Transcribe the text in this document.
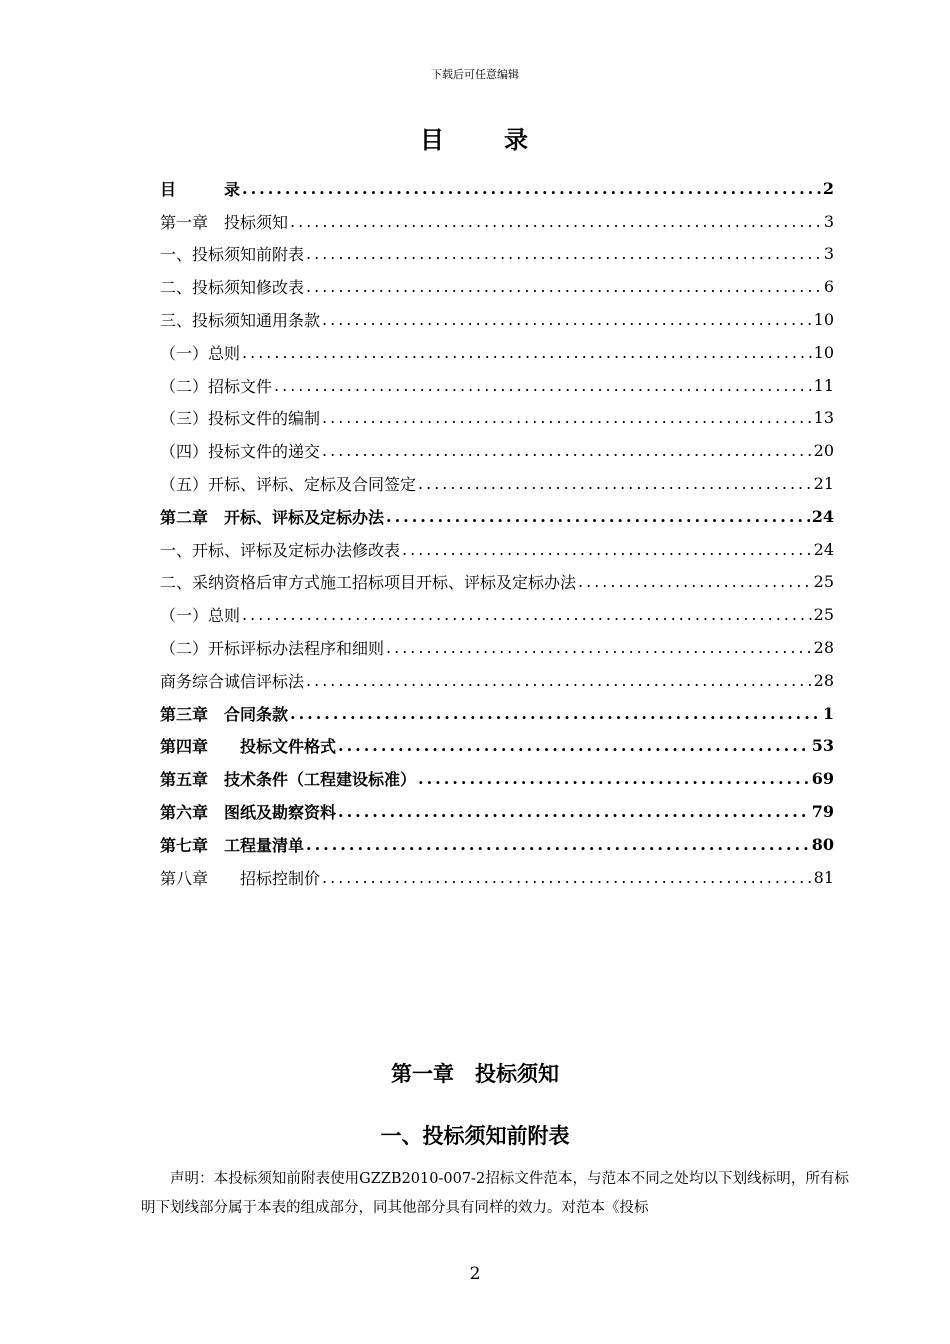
下载后可任意编辑
目 录
目　　　录 .....	2
第一章　投标须知 .....	3
一、投标须知前附表 .....	3
二、投标须知修改表 .....	6
三、投标须知通用条款 .....	10
（一）总则 .....	10
（二）招标文件 .....	11
（三）投标文件的编制 .....	13
（四）投标文件的递交 .....	20
（五）开标、评标、定标及合同签定 .....	21
第二章　开标、评标及定标办法 .....	24
一、开标、评标及定标办法修改表 .....	24
二、采纳资格后审方式施工招标项目开标、评标及定标办法 .....	25
（一）总则 .....	25
（二）开标评标办法程序和细则 .....	28
商务综合诚信评标法 .....	28
第三章　合同条款 .....	1
第四章　　投标文件格式 .....	53
第五章　技术条件（工程建设标准） .....	69
第六章　图纸及勘察资料 .....	79
第七章　工程量清单 .....	80
第八章　　招标控制价 .....	81
第一章　投标须知
一、投标须知前附表
声明：本投标须知前附表使用GZZB2010-007-2招标文件范本，与范本不同之处均以下划线标明，所有标明下划线部分属于本表的组成部分，同其他部分具有同样的效力。对范本《投标
2
